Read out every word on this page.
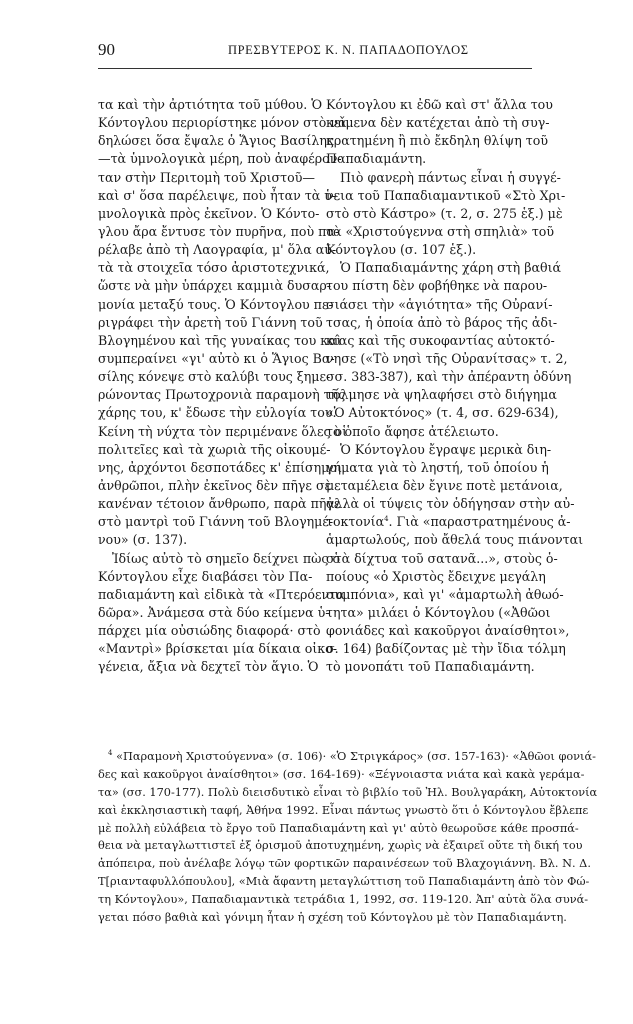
90	ΠΡΕΣΒΥΤΕΡΟΣ Κ. Ν. ΠΑΠΑΔΟΠΟΥΛΟΣ
τα καὶ τὴν ἀρτιότητα τοῦ μύθου. Ὁ
Κόντογλου περιορίστηκε μόνον στὸ νὰ
δηλώσει ὅσα ἔψαλε ὁ Ἅγιος Βασίλης
—τὰ ὑμνολογικὰ μέρη, ποὺ ἀναφέρον-
ταν στὴν Περιτομὴ τοῦ Χριστοῦ—
καὶ σ' ὅσα παρέλειψε, ποὺ ἦταν τὰ ὑ-
μνολογικὰ πρὸς ἐκεῖνον. Ὁ Κόντο-
γλου ἄρα ἔντυσε τὸν πυρῆνα, ποὺ πα-
ρέλαβε ἀπὸ τὴ Λαογραφία, μ' ὅλα αὐ-
τὰ τὰ στοιχεῖα τόσο ἀριστοτεχνικά,
ὥστε νὰ μὴν ὑπάρχει καμμιὰ δυσαρ-
μονία μεταξύ τους. Ὁ Κόντογλου πε-
ριγράφει τὴν ἀρετὴ τοῦ Γιάννη τοῦ
Βλογημένου καὶ τῆς γυναίκας του καὶ
συμπεραίνει «γι' αὐτὸ κι ὁ Ἅγιος Βα-
σίλης κόνεψε στὸ καλύβι τους ξημε-
ρώνοντας Πρωτοχρονιὰ παραμονὴ τῆς
χάρης του, κ' ἔδωσε τὴν εὐλογία του.
Κείνη τὴ νύχτα τὸν περιμένανε ὅλες οἱ
πολιτεῖες καὶ τὰ χωριὰ τῆς οἰκουμέ-
νης, ἀρχόντοι δεσποτάδες κ' ἐπίσημοι
ἀνθρῶποι, πλὴν ἐκεῖνος δὲν πῆγε σὲ
κανέναν τέτοιον ἄνθρωπο, παρὰ πῆγε
στὸ μαντρὶ τοῦ Γιάννη τοῦ Βλογημέ-
νου» (σ. 137).
Ἰδίως αὐτὸ τὸ σημεῖο δείχνει πὼς ὁ
Κόντογλου εἶχε διαβάσει τὸν Πα-
παδιαμάντη καὶ εἰδικὰ τὰ «Πτερόεντα
δῶρα». Ἀνάμεσα στὰ δύο κείμενα ὑ-
πάρχει μία οὐσιώδης διαφορά· στὸ
«Μαντρὶ» βρίσκεται μία δίκαια οἰκο-
γένεια, ἄξια νὰ δεχτεῖ τὸν ἅγιο. Ὁ
Κόντογλου κι ἐδῶ καὶ στ' ἄλλα του
κείμενα δὲν κατέχεται ἀπὸ τὴ συγ-
κρατημένη ἢ πιὸ ἔκδηλη θλίψη τοῦ
Παπαδιαμάντη.
Πιὸ φανερὴ πάντως εἶναι ἡ συγγέ-
νεια τοῦ Παπαδιαμαντικοῦ «Στὸ Χρι-
στὸ στὸ Κάστρο» (τ. 2, σ. 275 ἑξ.) μὲ
τὰ «Χριστούγεννα στὴ σπηλιὰ» τοῦ
Κόντογλου (σ. 107 ἑξ.).
Ὁ Παπαδιαμάντης χάρη στὴ βαθιά
του πίστη δὲν φοβήθηκε νὰ παρου-
σιάσει τὴν «ἁγιότητα» τῆς Οὐρανί-
τσας, ἡ ὁποία ἀπὸ τὸ βάρος τῆς ἀδι-
κίας καὶ τῆς συκοφαντίας αὐτοκτό-
νησε («Τὸ νησὶ τῆς Οὐρανίτσας» τ. 2,
σσ. 383-387), καὶ τὴν ἀπέραντη ὀδύνη
τόλμησε νὰ ψηλαφήσει στὸ διήγημα
«Ὁ Αὐτοκτόνος» (τ. 4, σσ. 629-634),
τὸ ὁποῖο ἄφησε ἀτέλειωτο.
Ὁ Κόντογλου ἔγραψε μερικὰ διη-
γήματα γιὰ τὸ ληστή, τοῦ ὁποίου ἡ
μεταμέλεια δὲν ἔγινε ποτὲ μετάνοια,
ἀλλὰ οἱ τύψεις τὸν ὁδήγησαν στὴν αὐ-
τοκτονία$^4$. Γιὰ «παραστρατημένους ἀ-
ἁμαρτωλούς, ποὺ ἄθελά τους πιάνονται
στὰ δίχτυα τοῦ σατανᾶ...», στοὺς ὁ-
ποίους «ὁ Χριστὸς ἔδειχνε μεγάλη
συμπόνια», καὶ γι' «ἁμαρτωλὴ ἀθωό-
τητα» μιλάει ὁ Κόντογλου («Ἀθῶοι
φονιάδες καὶ κακοῦργοι ἀναίσθητοι»,
σ. 164) βαδίζοντας μὲ τὴν ἴδια τόλμη
τὸ μονοπάτι τοῦ Παπαδιαμάντη.
$^4$ «Παραμονὴ Χριστούγεννα» (σ. 106)· «Ὁ Στριγκάρος» (σσ. 157-163)· «Ἀθῶοι φονιά-
δες καὶ κακοῦργοι ἀναίσθητοι» (σσ. 164-169)· «Ξέγνοιαστα νιάτα καὶ κακὰ γεράμα-
τα» (σσ. 170-177). Πολὺ διεισδυτικὸ εἶναι τὸ βιβλίο τοῦ Ἠλ. Βουλγαράκη, Αὐτοκτονία
καὶ ἐκκλησιαστικὴ ταφή, Ἀθήνα 1992. Εἶναι πάντως γνωστὸ ὅτι ὁ Κόντογλου ἔβλεπε
μὲ πολλὴ εὐλάβεια τὸ ἔργο τοῦ Παπαδιαμάντη καὶ γι' αὐτὸ θεωροῦσε κάθε προσπά-
θεια νὰ μεταγλωττιστεῖ ἐξ ὁρισμοῦ ἀποτυχημένη, χωρὶς νὰ ἐξαιρεῖ οὔτε τὴ δική του
ἀπόπειρα, ποὺ ἀνέλαβε λόγῳ τῶν φορτικῶν παραινέσεων τοῦ Βλαχογιάννη. Βλ. Ν. Δ.
Τ[ριανταφυλλόπουλου], «Μιὰ ἄφαντη μεταγλώττιση τοῦ Παπαδιαμάντη ἀπὸ τὸν Φώ-
τη Κόντογλου», Παπαδιαμαντικὰ τετράδια 1, 1992, σσ. 119-120. Ἀπ' αὐτὰ ὅλα συνά-
γεται πόσο βαθιὰ καὶ γόνιμη ἦταν ἡ σχέση τοῦ Κόντογλου μὲ τὸν Παπαδιαμάντη.
